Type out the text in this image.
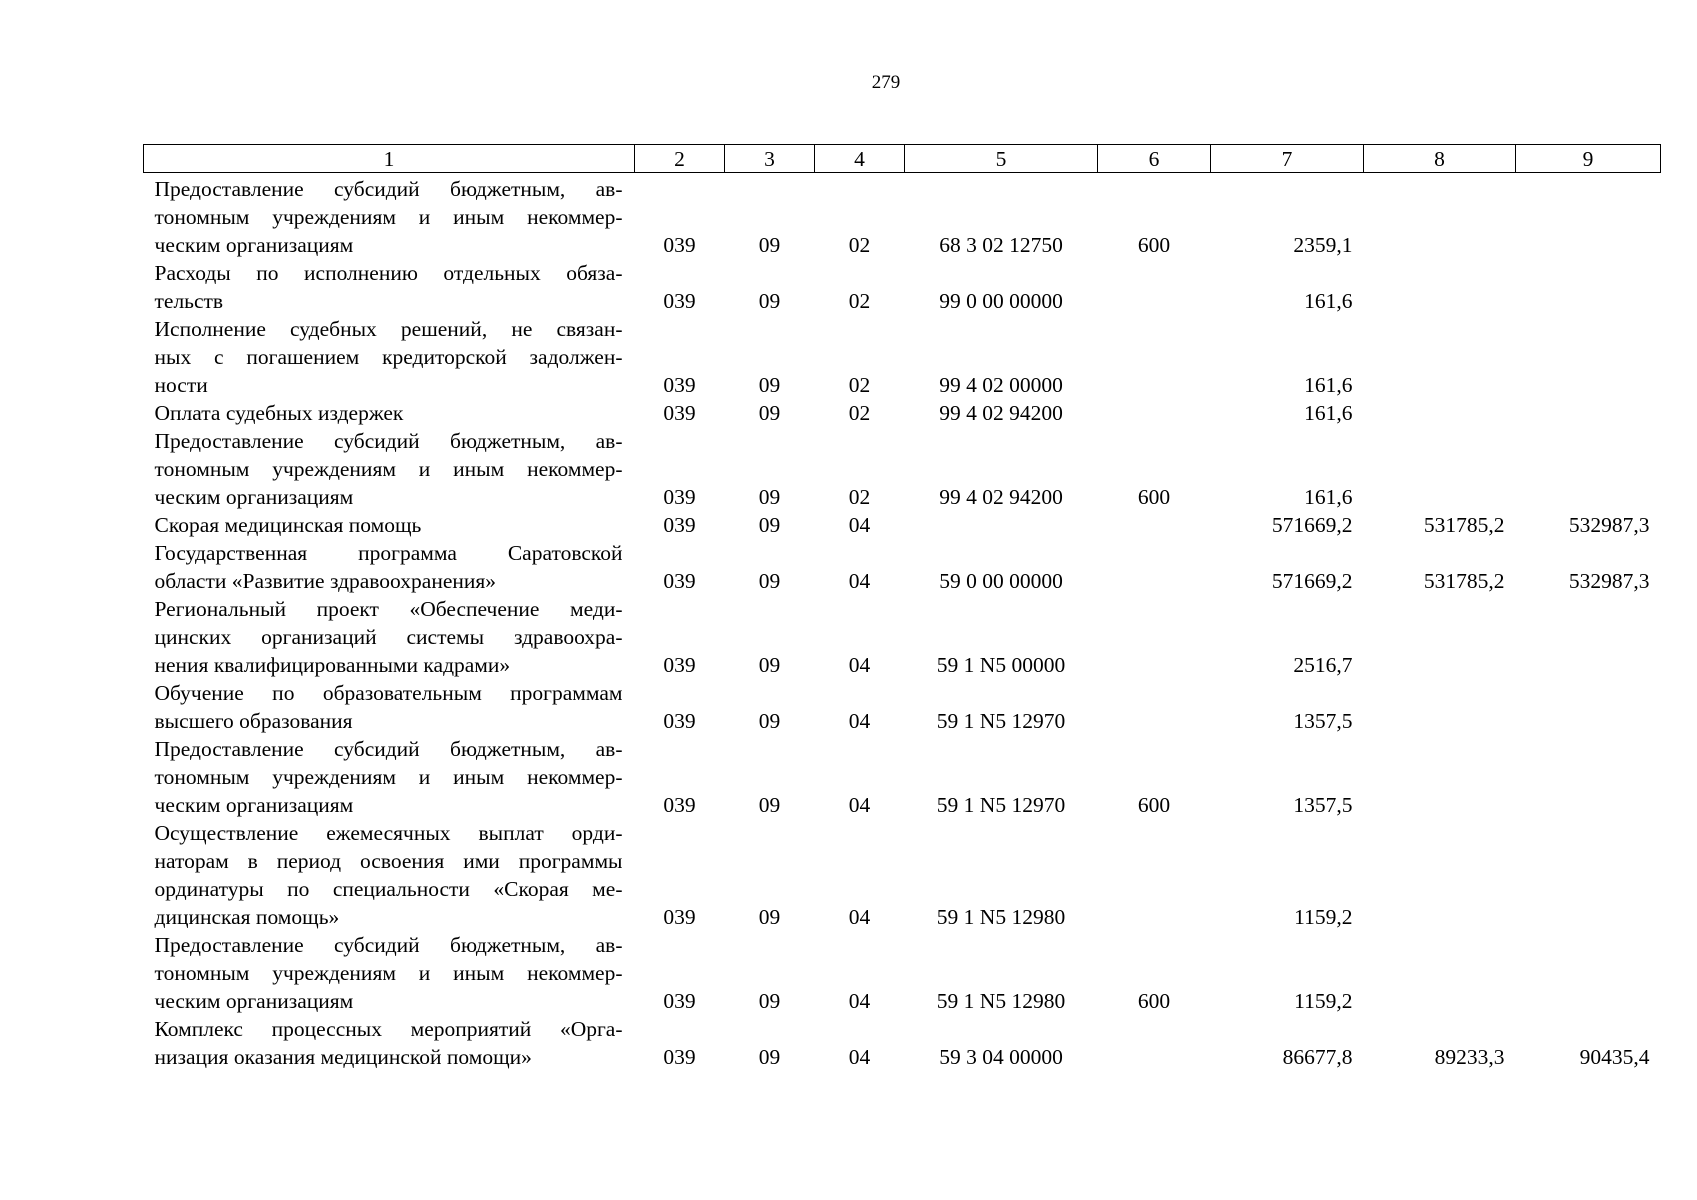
279
1	2	3	4	5	6	7	8	9

Предоставление субсидий бюджетным, ав-
тономным учреждениям и иным некоммер-
ческим организациям	039	09	02	68 3 02 12750	600	2359,1		

Расходы по исполнению отдельных обяза-
тельств	039	09	02	99 0 00 00000		161,6		

Исполнение судебных решений, не связан-
ных с погашением кредиторской задолжен-
ности	039	09	02	99 4 02 00000		161,6		

Оплата судебных издержек	039	09	02	99 4 02 94200		161,6		

Предоставление субсидий бюджетным, ав-
тономным учреждениям и иным некоммер-
ческим организациям	039	09	02	99 4 02 94200	600	161,6		

Скорая медицинская помощь	039	09	04			571669,2	531785,2	532987,3

Государственная программа Саратовской
области «Развитие здравоохранения»	039	09	04	59 0 00 00000		571669,2	531785,2	532987,3

Региональный проект «Обеспечение меди-
цинских организаций системы здравоохра-
нения квалифицированными кадрами»	039	09	04	59 1 N5 00000		2516,7		

Обучение по образовательным программам
высшего образования	039	09	04	59 1 N5 12970		1357,5		

Предоставление субсидий бюджетным, ав-
тономным учреждениям и иным некоммер-
ческим организациям	039	09	04	59 1 N5 12970	600	1357,5		

Осуществление ежемесячных выплат орди-
наторам в период освоения ими программы
ординатуры по специальности «Скорая ме-
дицинская помощь»	039	09	04	59 1 N5 12980		1159,2		

Предоставление субсидий бюджетным, ав-
тономным учреждениям и иным некоммер-
ческим организациям	039	09	04	59 1 N5 12980	600	1159,2		

Комплекс процессных мероприятий «Орга-
низация оказания медицинской помощи»	039	09	04	59 3 04 00000		86677,8	89233,3	90435,4
